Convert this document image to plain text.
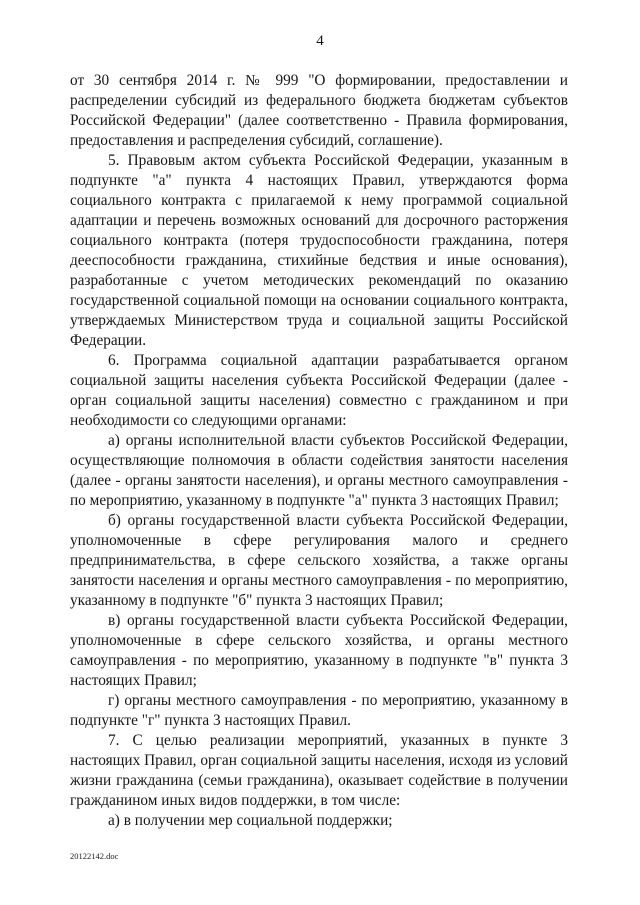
4

от 30 сентября 2014 г. № 999 "О формировании, предоставлении и распределении субсидий из федерального бюджета бюджетам субъектов Российской Федерации" (далее соответственно - Правила формирования, предоставления и распределения субсидий, соглашение).

5. Правовым актом субъекта Российской Федерации, указанным в подпункте "а" пункта 4 настоящих Правил, утверждаются форма социального контракта с прилагаемой к нему программой социальной адаптации и перечень возможных оснований для досрочного расторжения социального контракта (потеря трудоспособности гражданина, потеря дееспособности гражданина, стихийные бедствия и иные основания), разработанные с учетом методических рекомендаций по оказанию государственной социальной помощи на основании социального контракта, утверждаемых Министерством труда и социальной защиты Российской Федерации.

6. Программа социальной адаптации разрабатывается органом социальной защиты населения субъекта Российской Федерации (далее - орган социальной защиты населения) совместно с гражданином и при необходимости со следующими органами:

а) органы исполнительной власти субъектов Российской Федерации, осуществляющие полномочия в области содействия занятости населения (далее - органы занятости населения), и органы местного самоуправления - по мероприятию, указанному в подпункте "а" пункта 3 настоящих Правил;

б) органы государственной власти субъекта Российской Федерации, уполномоченные в сфере регулирования малого и среднего предпринимательства, в сфере сельского хозяйства, а также органы занятости населения и органы местного самоуправления - по мероприятию, указанному в подпункте "б" пункта 3 настоящих Правил;

в) органы государственной власти субъекта Российской Федерации, уполномоченные в сфере сельского хозяйства, и органы местного самоуправления - по мероприятию, указанному в подпункте "в" пункта 3 настоящих Правил;

г) органы местного самоуправления - по мероприятию, указанному в подпункте "г" пункта 3 настоящих Правил.

7. С целью реализации мероприятий, указанных в пункте 3 настоящих Правил, орган социальной защиты населения, исходя из условий жизни гражданина (семьи гражданина), оказывает содействие в получении гражданином иных видов поддержки, в том числе:

а) в получении мер социальной поддержки;

20122142.doc
